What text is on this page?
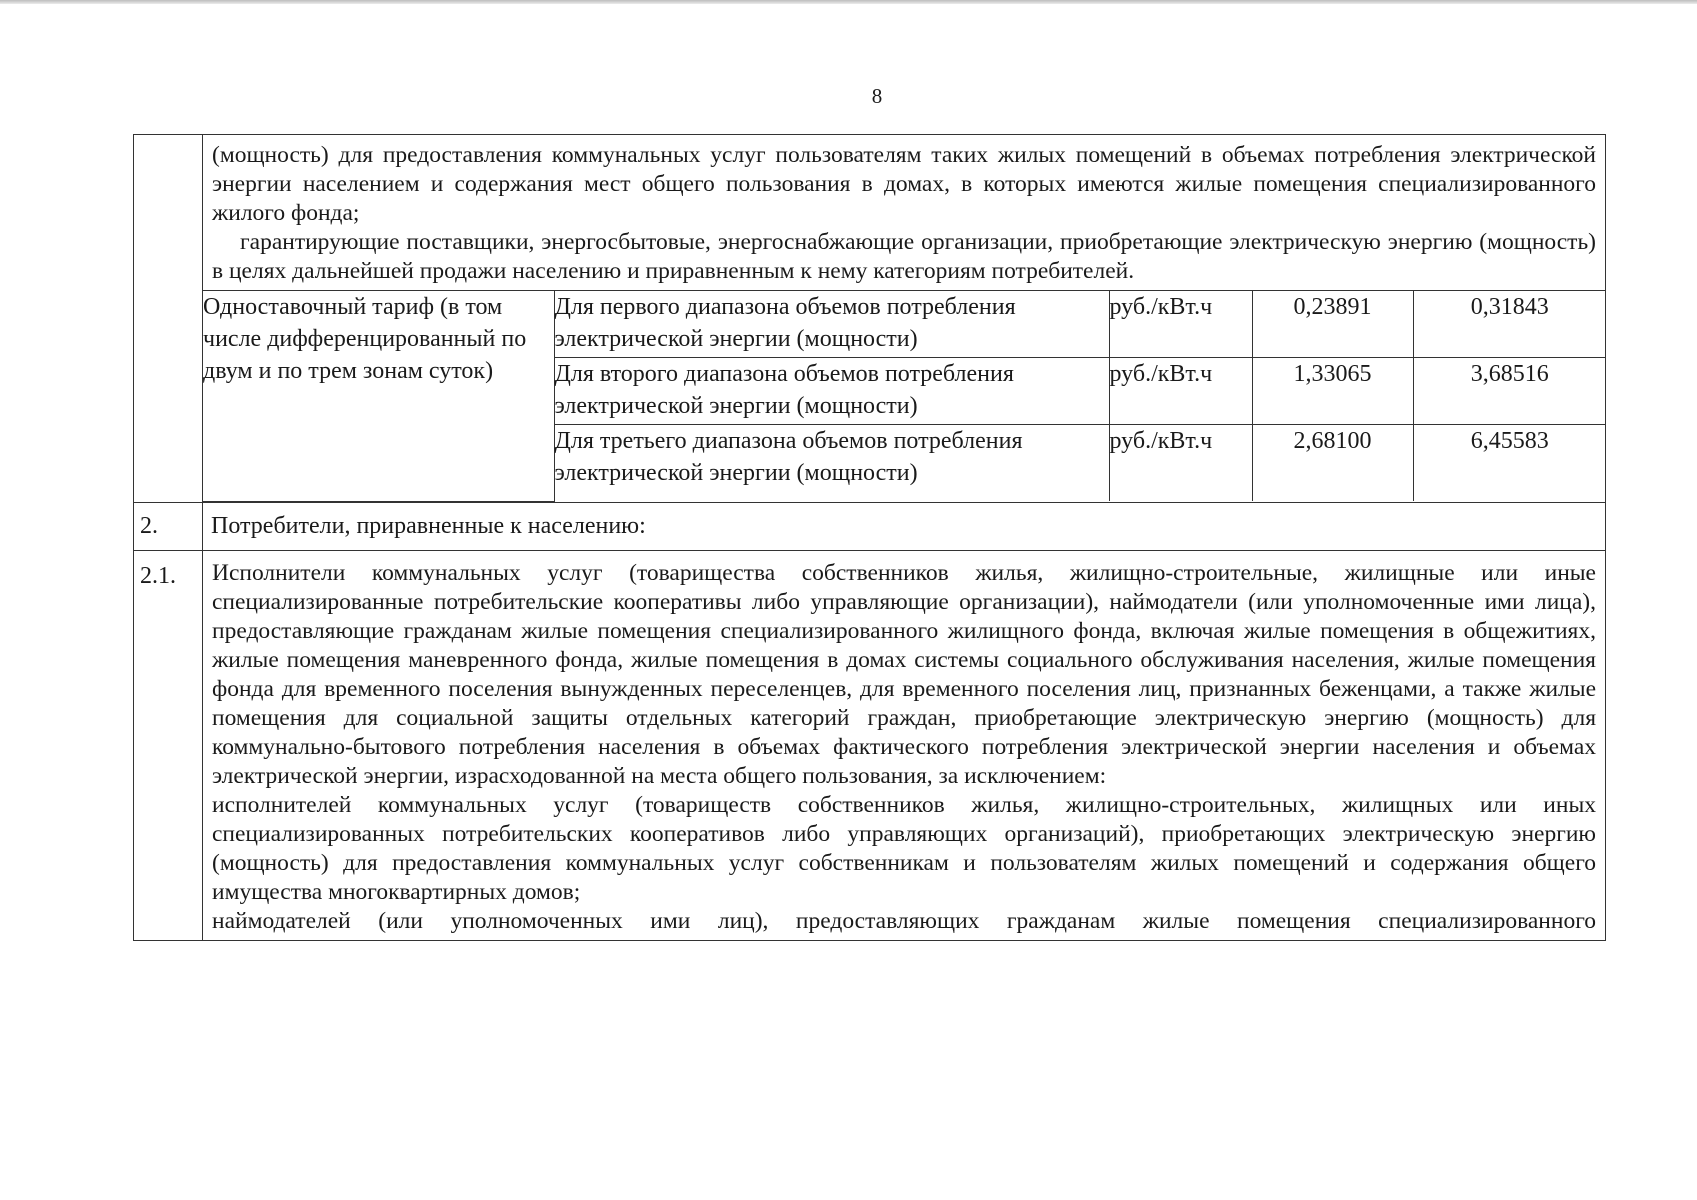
8

(мощность) для предоставления коммунальных услуг пользователям таких жилых помещений в объемах потребления электрической энергии населением и содержания мест общего пользования в домах, в которых имеются жилые помещения специализированного жилого фонда;

гарантирующие поставщики, энергосбытовые, энергоснабжающие организации, приобретающие электрическую энергию (мощность) в целях дальнейшей продажи населению и приравненным к нему категориям потребителей.

Одноставочный тариф (в том числе дифференцированный по двум и по трем зонам суток)	Для первого диапазона объемов потребления электрической энергии (мощности)	руб./кВт.ч	0,23891	0,31843
Для второго диапазона объемов потребления электрической энергии (мощности)	руб./кВт.ч	1,33065	3,68516
Для третьего диапазона объемов потребления электрической энергии (мощности)	руб./кВт.ч	2,68100	6,45583

2.	Потребители, приравненные к населению:
2.1.	Исполнители коммунальных услуг (товарищества собственников жилья, жилищно-строительные, жилищные или иные специализированные потребительские кооперативы либо управляющие организации), наймодатели (или уполномоченные ими лица), предоставляющие гражданам жилые помещения специализированного жилищного фонда, включая жилые помещения в общежитиях, жилые помещения маневренного фонда, жилые помещения в домах системы социального обслуживания населения, жилые помещения фонда для временного поселения вынужденных переселенцев, для временного поселения лиц, признанных беженцами, а также жилые помещения для социальной защиты отдельных категорий граждан, приобретающие электрическую энергию (мощность) для коммунально-бытового потребления населения в объемах фактического потребления электрической энергии населения и объемах электрической энергии, израсходованной на места общего пользования, за исключением:

исполнителей коммунальных услуг (товариществ собственников жилья, жилищно-строительных, жилищных или иных специализированных потребительских кооперативов либо управляющих организаций), приобретающих электрическую энергию (мощность) для предоставления коммунальных услуг собственникам и пользователям жилых помещений и содержания общего имущества многоквартирных домов;

наймодателей (или уполномоченных ими лиц), предоставляющих гражданам жилые помещения специализированного
